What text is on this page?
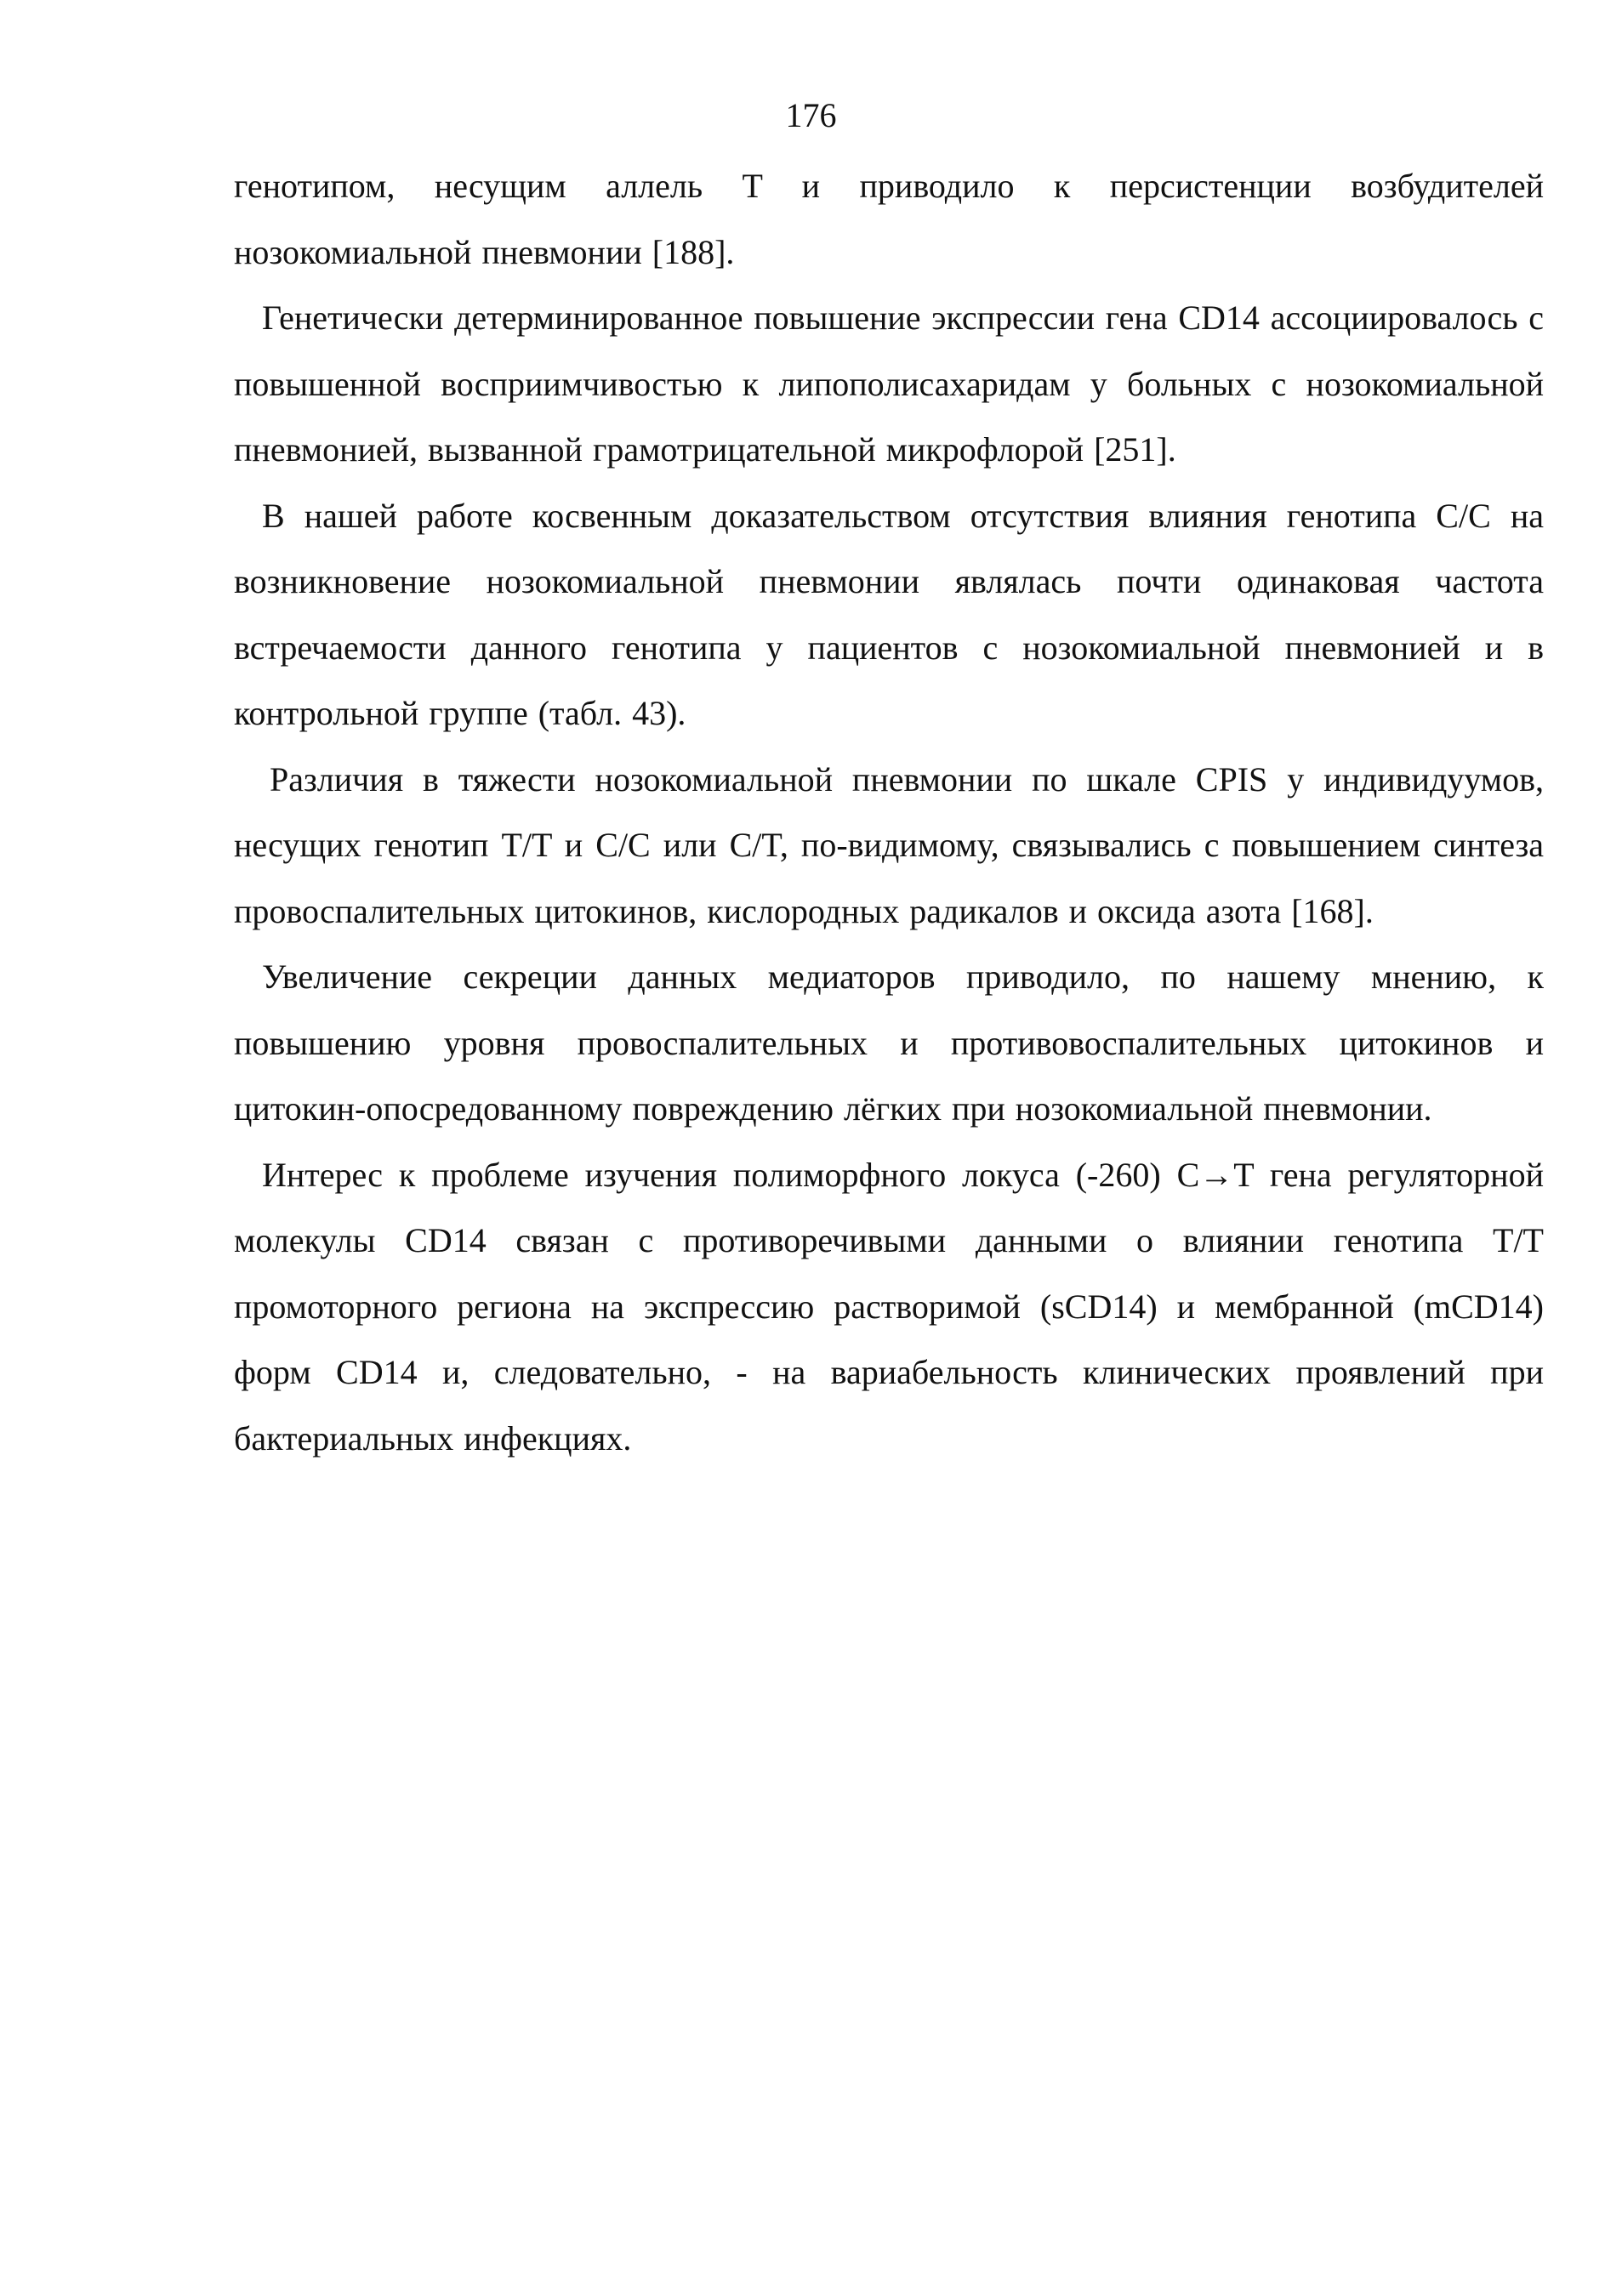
176

генотипом, несущим аллель T и приводило к персистенции возбудителей нозокомиальной пневмонии [188].

Генетически детерминированное повышение экспрессии гена CD14 ассоциировалось с повышенной восприимчивостью к липополисахаридам у больных с нозокомиальной пневмонией, вызванной грамотрицательной микрофлорой [251].

В нашей работе косвенным доказательством отсутствия влияния генотипа C/C на возникновение нозокомиальной пневмонии являлась почти одинаковая частота встречаемости данного генотипа у пациентов с нозокомиальной пневмонией и в контрольной группе (табл. 43).

Различия в тяжести нозокомиальной пневмонии по шкале CPIS у индивидуумов, несущих генотип T/T и C/C или C/T, по-видимому, связывались с повышением синтеза провоспалительных цитокинов, кислородных радикалов и оксида азота [168].

Увеличение секреции данных медиаторов приводило, по нашему мнению, к повышению уровня провоспалительных и противовоспалительных цитокинов и цитокин-опосредованному повреждению лёгких при нозокомиальной пневмонии.

Интерес к проблеме изучения полиморфного локуса (-260) C→T гена регуляторной молекулы CD14 связан с противоречивыми данными о влиянии генотипа T/T промоторного региона на экспрессию растворимой (sCD14) и мембранной (mCD14) форм CD14 и, следовательно, - на вариабельность клинических проявлений при бактериальных инфекциях.
